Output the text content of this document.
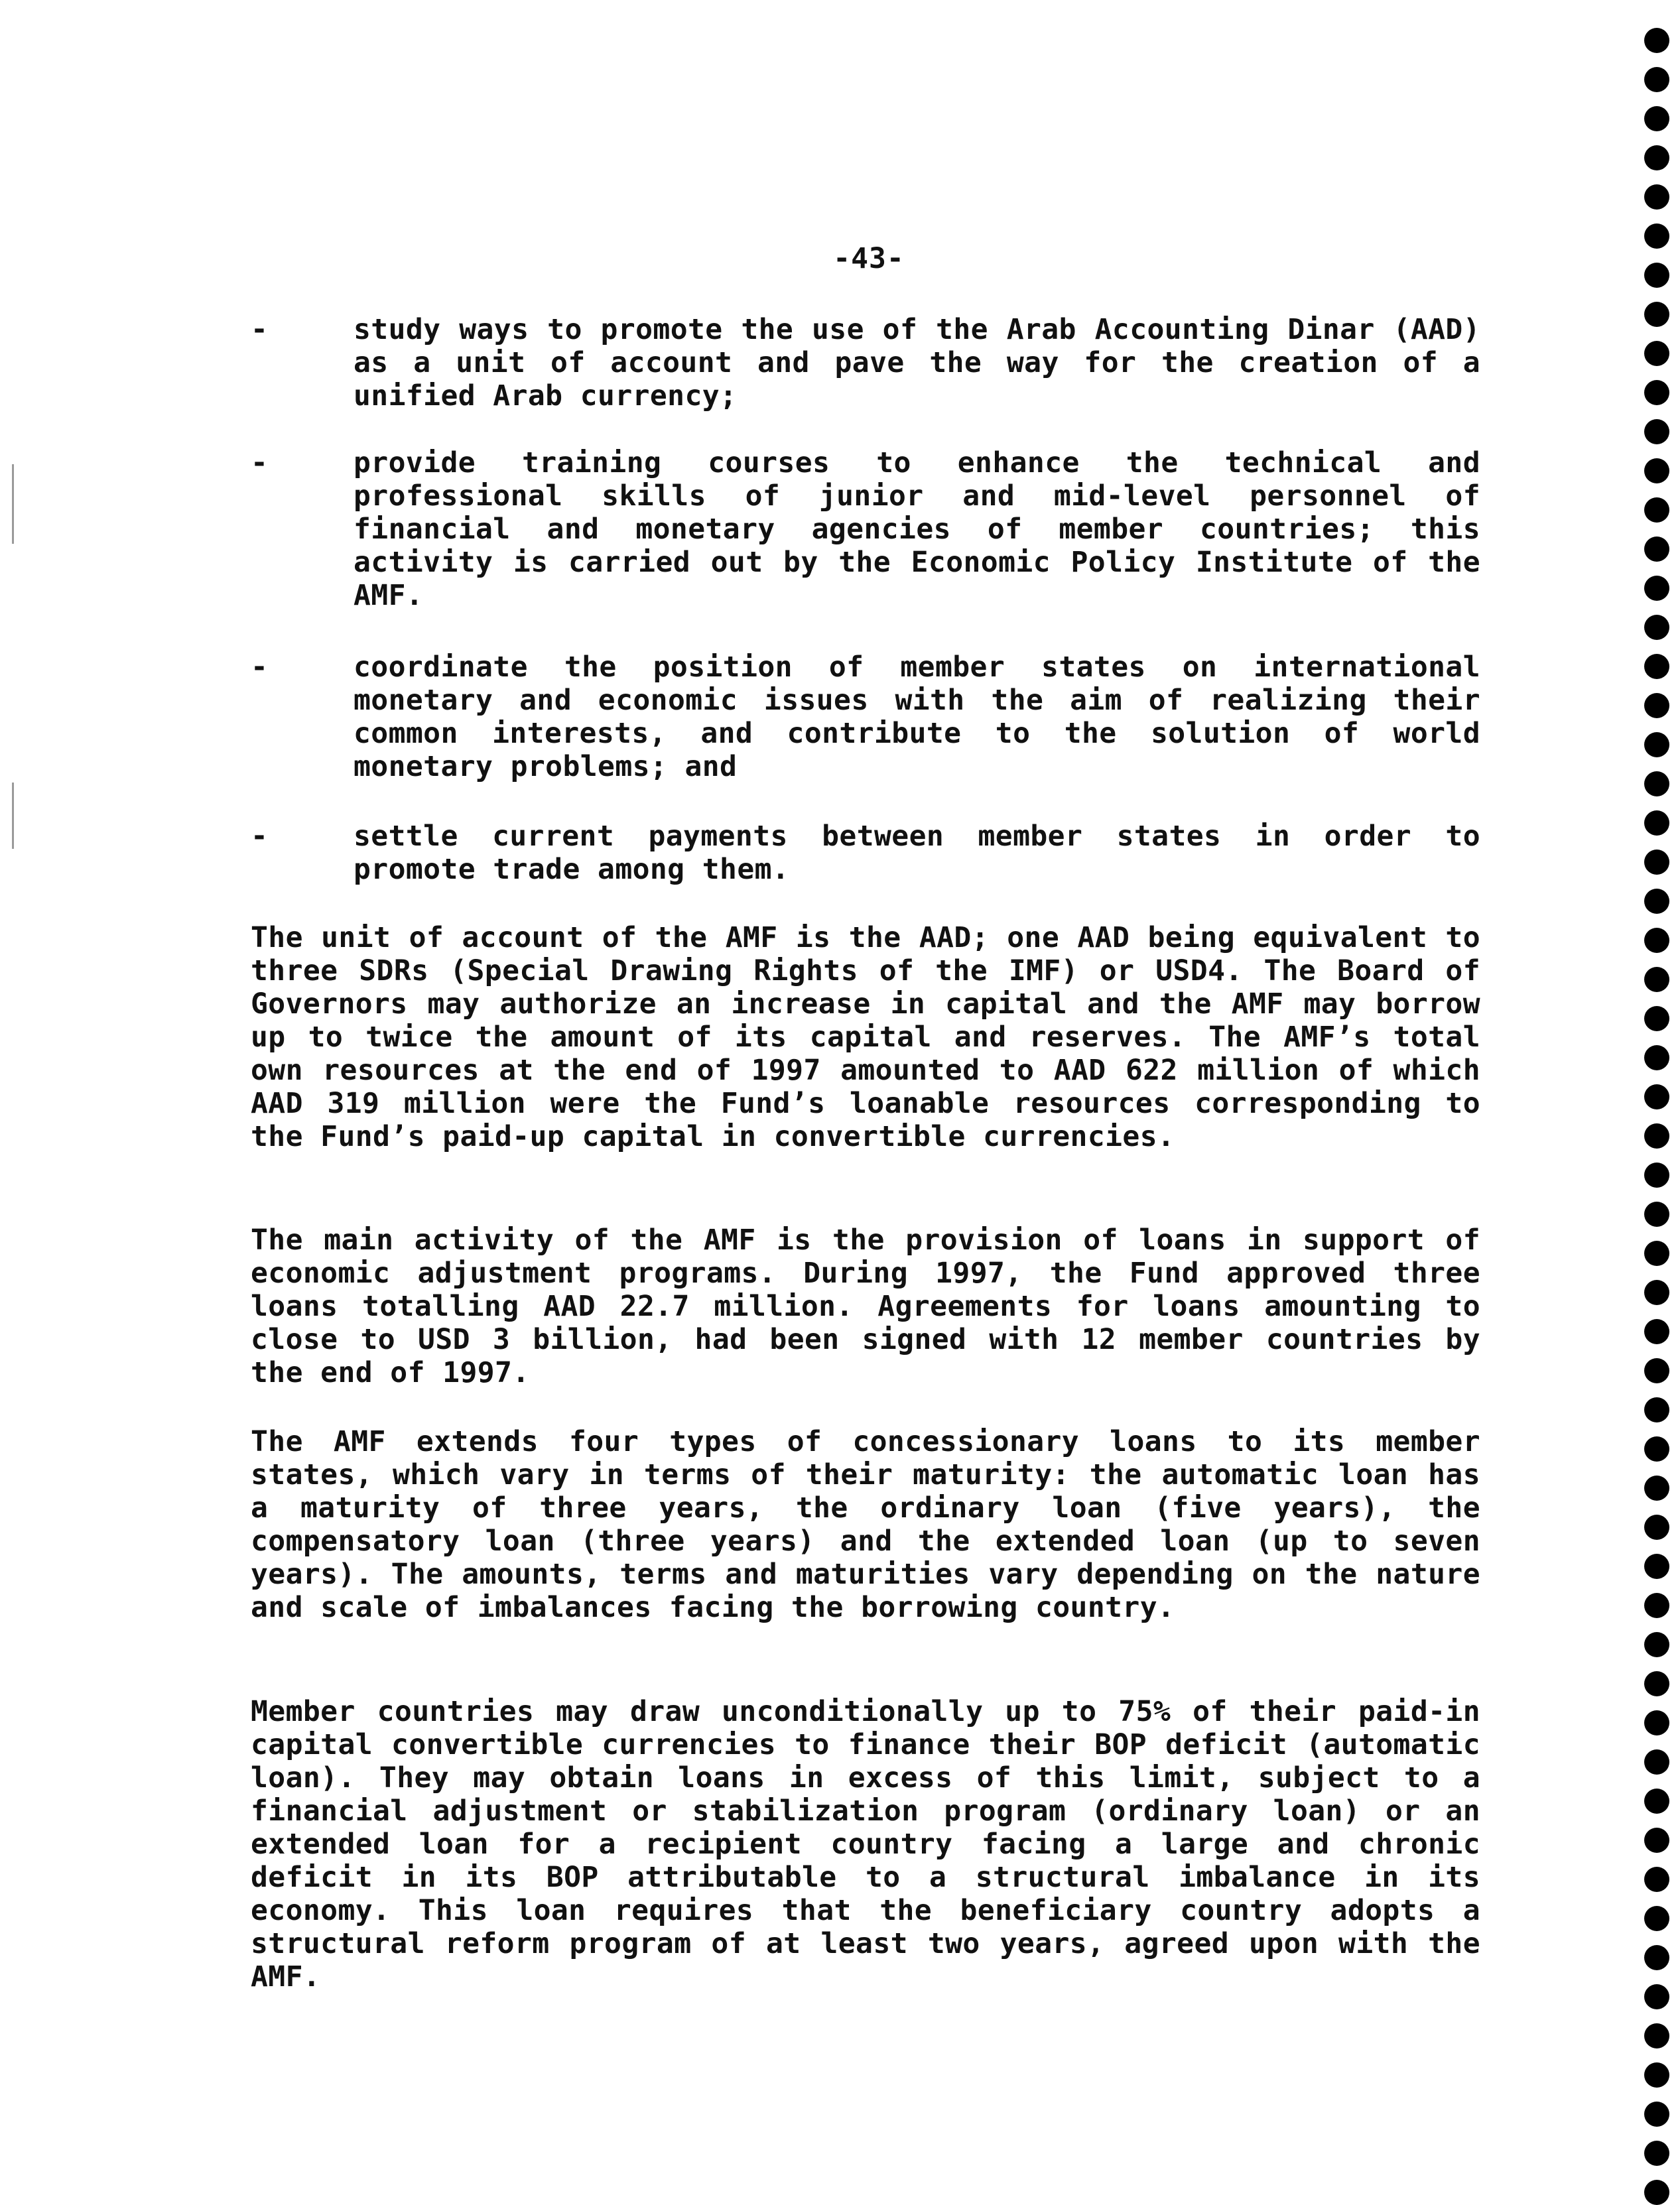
-43-
-	study ways to promote the use of the Arab Accounting Dinar (AAD) as a unit of account and pave the way for the creation of a unified Arab currency;
-	provide training courses to enhance the technical and professional skills of junior and mid-level personnel of financial and monetary agencies of member countries; this activity is carried out by the Economic Policy Institute of the AMF.
-	coordinate the position of member states on international monetary and economic issues with the aim of realizing their common interests, and contribute to the solution of world monetary problems; and
-	settle current payments between member states in order to promote trade among them.
The unit of account of the AMF is the AAD; one AAD being equivalent to three SDRs (Special Drawing Rights of the IMF) or USD4. The Board of Governors may authorize an increase in capital and the AMF may borrow up to twice the amount of its capital and reserves. The AMF’s total own resources at the end of 1997 amounted to AAD 622 million of which AAD 319 million were the Fund’s loanable resources corresponding to the Fund’s paid-up capital in convertible currencies.
The main activity of the AMF is the provision of loans in support of economic adjustment programs. During 1997, the Fund approved three loans totalling AAD 22.7 million. Agreements for loans amounting to close to USD 3 billion, had been signed with 12 member countries by the end of 1997.
The AMF extends four types of concessionary loans to its member states, which vary in terms of their maturity: the automatic loan has a maturity of three years, the ordinary loan (five years), the compensatory loan (three years) and the extended loan (up to seven years). The amounts, terms and maturities vary depending on the nature and scale of imbalances facing the borrowing country.
Member countries may draw unconditionally up to 75% of their paid-in capital convertible currencies to finance their BOP deficit (automatic loan). They may obtain loans in excess of this limit, subject to a financial adjustment or stabilization program (ordinary loan) or an extended loan for a recipient country facing a large and chronic deficit in its BOP attributable to a structural imbalance in its economy. This loan requires that the beneficiary country adopts a structural reform program of at least two years, agreed upon with the AMF.
